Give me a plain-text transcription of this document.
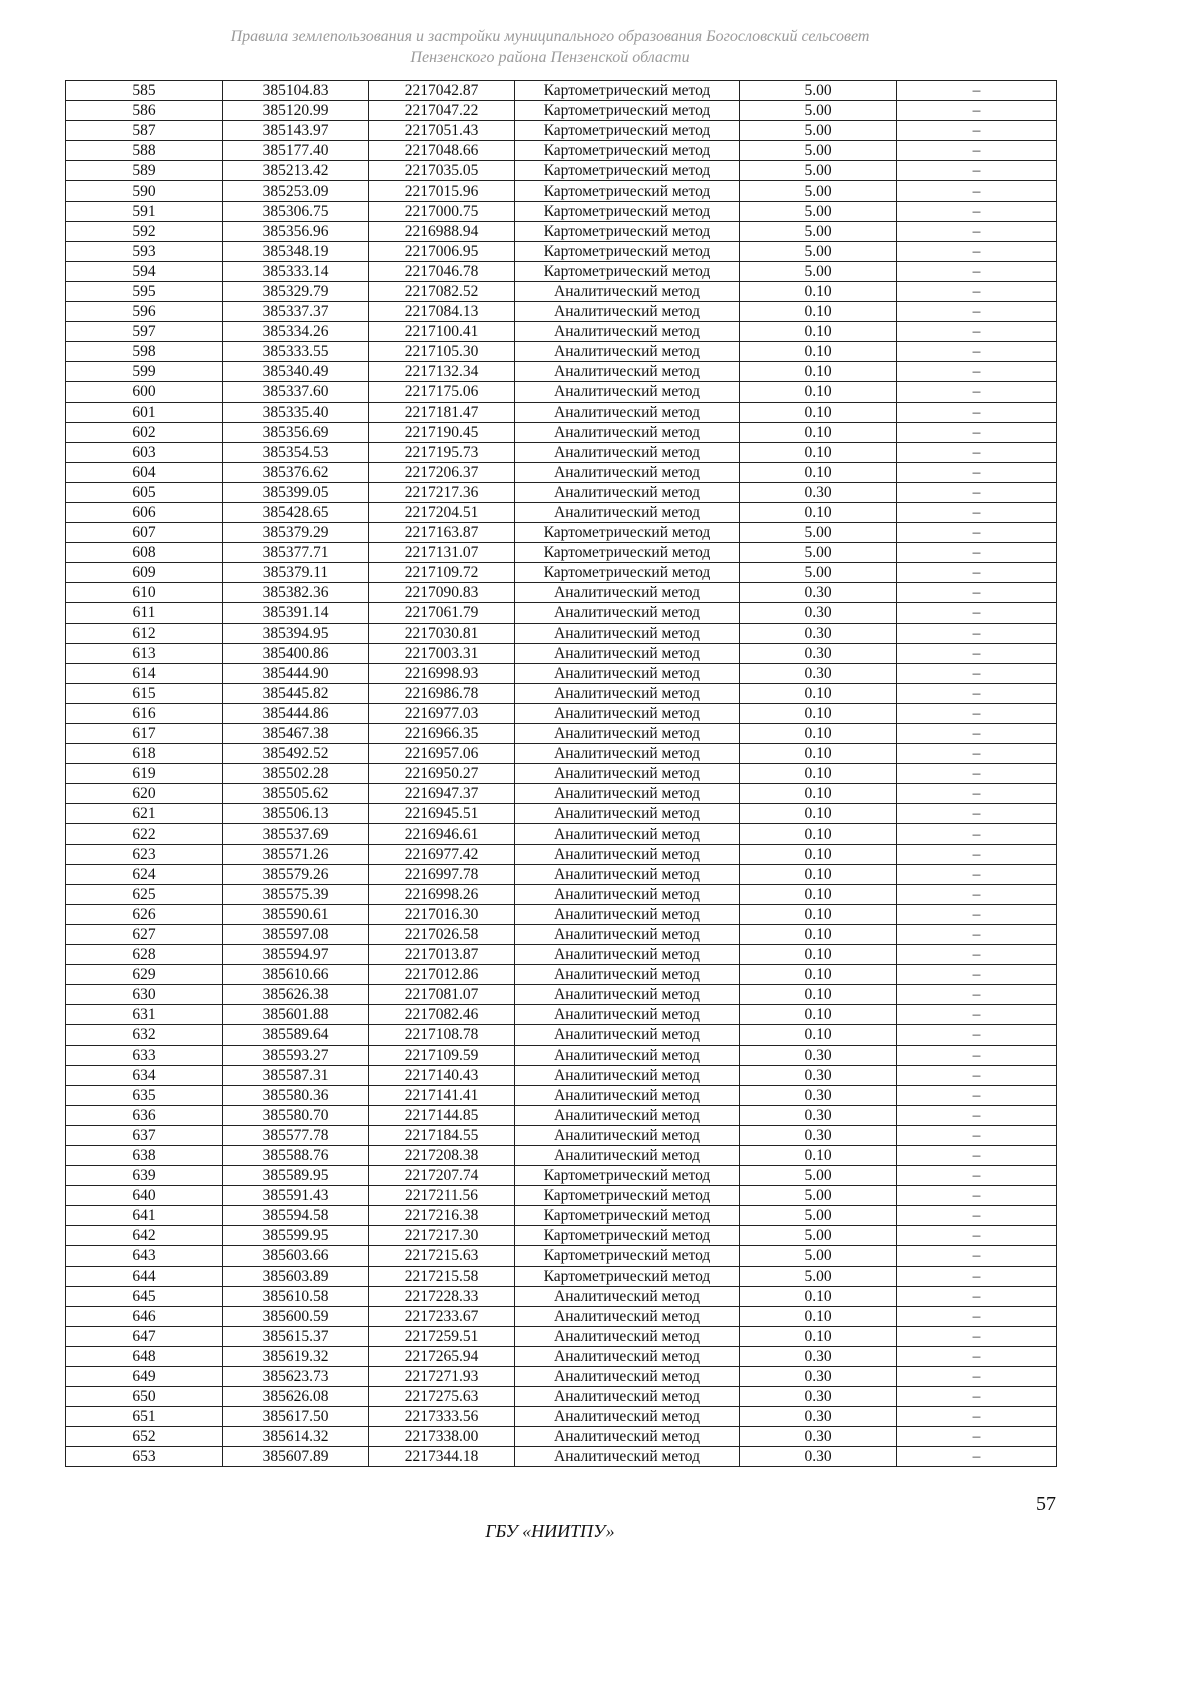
Правила землепользования и застройки муниципального образования Богословский сельсовет
Пензенского района Пензенской области
585	385104.83	2217042.87	Картометрический метод	5.00	–
586	385120.99	2217047.22	Картометрический метод	5.00	–
587	385143.97	2217051.43	Картометрический метод	5.00	–
588	385177.40	2217048.66	Картометрический метод	5.00	–
589	385213.42	2217035.05	Картометрический метод	5.00	–
590	385253.09	2217015.96	Картометрический метод	5.00	–
591	385306.75	2217000.75	Картометрический метод	5.00	–
592	385356.96	2216988.94	Картометрический метод	5.00	–
593	385348.19	2217006.95	Картометрический метод	5.00	–
594	385333.14	2217046.78	Картометрический метод	5.00	–
595	385329.79	2217082.52	Аналитический метод	0.10	–
596	385337.37	2217084.13	Аналитический метод	0.10	–
597	385334.26	2217100.41	Аналитический метод	0.10	–
598	385333.55	2217105.30	Аналитический метод	0.10	–
599	385340.49	2217132.34	Аналитический метод	0.10	–
600	385337.60	2217175.06	Аналитический метод	0.10	–
601	385335.40	2217181.47	Аналитический метод	0.10	–
602	385356.69	2217190.45	Аналитический метод	0.10	–
603	385354.53	2217195.73	Аналитический метод	0.10	–
604	385376.62	2217206.37	Аналитический метод	0.10	–
605	385399.05	2217217.36	Аналитический метод	0.30	–
606	385428.65	2217204.51	Аналитический метод	0.10	–
607	385379.29	2217163.87	Картометрический метод	5.00	–
608	385377.71	2217131.07	Картометрический метод	5.00	–
609	385379.11	2217109.72	Картометрический метод	5.00	–
610	385382.36	2217090.83	Аналитический метод	0.30	–
611	385391.14	2217061.79	Аналитический метод	0.30	–
612	385394.95	2217030.81	Аналитический метод	0.30	–
613	385400.86	2217003.31	Аналитический метод	0.30	–
614	385444.90	2216998.93	Аналитический метод	0.30	–
615	385445.82	2216986.78	Аналитический метод	0.10	–
616	385444.86	2216977.03	Аналитический метод	0.10	–
617	385467.38	2216966.35	Аналитический метод	0.10	–
618	385492.52	2216957.06	Аналитический метод	0.10	–
619	385502.28	2216950.27	Аналитический метод	0.10	–
620	385505.62	2216947.37	Аналитический метод	0.10	–
621	385506.13	2216945.51	Аналитический метод	0.10	–
622	385537.69	2216946.61	Аналитический метод	0.10	–
623	385571.26	2216977.42	Аналитический метод	0.10	–
624	385579.26	2216997.78	Аналитический метод	0.10	–
625	385575.39	2216998.26	Аналитический метод	0.10	–
626	385590.61	2217016.30	Аналитический метод	0.10	–
627	385597.08	2217026.58	Аналитический метод	0.10	–
628	385594.97	2217013.87	Аналитический метод	0.10	–
629	385610.66	2217012.86	Аналитический метод	0.10	–
630	385626.38	2217081.07	Аналитический метод	0.10	–
631	385601.88	2217082.46	Аналитический метод	0.10	–
632	385589.64	2217108.78	Аналитический метод	0.10	–
633	385593.27	2217109.59	Аналитический метод	0.30	–
634	385587.31	2217140.43	Аналитический метод	0.30	–
635	385580.36	2217141.41	Аналитический метод	0.30	–
636	385580.70	2217144.85	Аналитический метод	0.30	–
637	385577.78	2217184.55	Аналитический метод	0.30	–
638	385588.76	2217208.38	Аналитический метод	0.10	–
639	385589.95	2217207.74	Картометрический метод	5.00	–
640	385591.43	2217211.56	Картометрический метод	5.00	–
641	385594.58	2217216.38	Картометрический метод	5.00	–
642	385599.95	2217217.30	Картометрический метод	5.00	–
643	385603.66	2217215.63	Картометрический метод	5.00	–
644	385603.89	2217215.58	Картометрический метод	5.00	–
645	385610.58	2217228.33	Аналитический метод	0.10	–
646	385600.59	2217233.67	Аналитический метод	0.10	–
647	385615.37	2217259.51	Аналитический метод	0.10	–
648	385619.32	2217265.94	Аналитический метод	0.30	–
649	385623.73	2217271.93	Аналитический метод	0.30	–
650	385626.08	2217275.63	Аналитический метод	0.30	–
651	385617.50	2217333.56	Аналитический метод	0.30	–
652	385614.32	2217338.00	Аналитический метод	0.30	–
653	385607.89	2217344.18	Аналитический метод	0.30	–
57
ГБУ «НИИТПУ»
